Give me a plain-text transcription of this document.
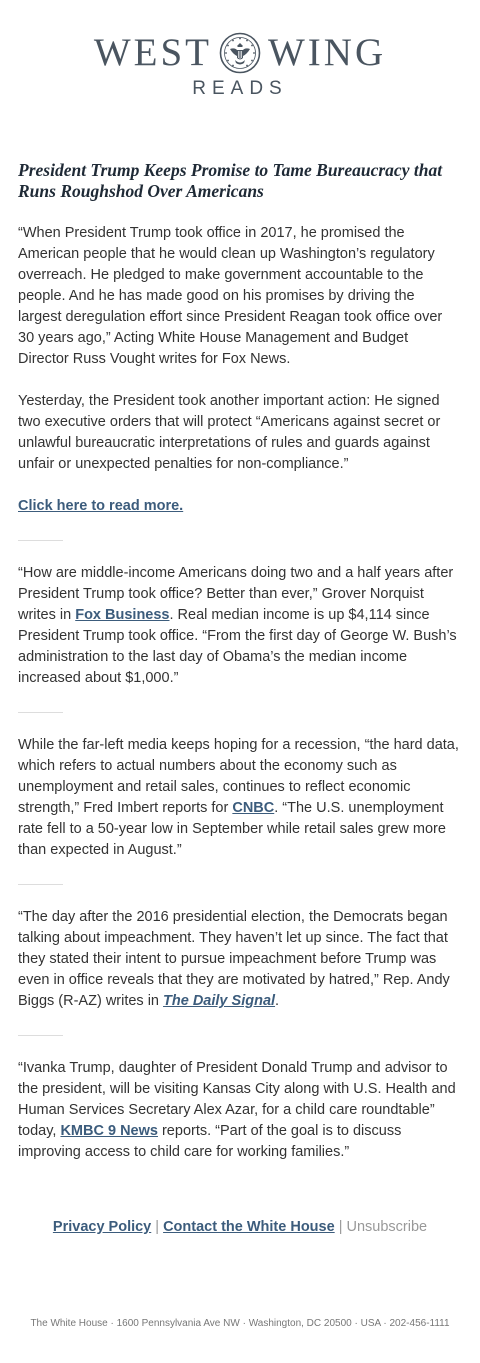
WEST WING
READS
President Trump Keeps Promise to Tame Bureaucracy that Runs Roughshod Over Americans

“When President Trump took office in 2017, he promised the American people that he would clean up Washington’s regulatory overreach. He pledged to make government accountable to the people. And he has made good on his promises by driving the largest deregulation effort since President Reagan took office over 30 years ago,” Acting White House Management and Budget Director Russ Vought writes for Fox News.

Yesterday, the President took another important action: He signed two executive orders that will protect “Americans against secret or unlawful bureaucratic interpretations of rules and guards against unfair or unexpected penalties for non-compliance.”

Click here to read more.

“How are middle-income Americans doing two and a half years after President Trump took office? Better than ever,” Grover Norquist writes in Fox Business. Real median income is up $4,114 since President Trump took office. “From the first day of George W. Bush’s administration to the last day of Obama’s the median income increased about $1,000.”

While the far-left media keeps hoping for a recession, “the hard data, which refers to actual numbers about the economy such as unemployment and retail sales, continues to reflect economic strength,” Fred Imbert reports for CNBC. “The U.S. unemployment rate fell to a 50-year low in September while retail sales grew more than expected in August.”

“The day after the 2016 presidential election, the Democrats began talking about impeachment. They haven’t let up since. The fact that they stated their intent to pursue impeachment before Trump was even in office reveals that they are motivated by hatred,” Rep. Andy Biggs (R-AZ) writes in The Daily Signal.

“Ivanka Trump, daughter of President Donald Trump and advisor to the president, will be visiting Kansas City along with U.S. Health and Human Services Secretary Alex Azar, for a child care roundtable” today, KMBC 9 News reports. “Part of the goal is to discuss improving access to child care for working families.”

Privacy Policy | Contact the White House | Unsubscribe
The White House · 1600 Pennsylvania Ave NW · Washington, DC 20500 · USA · 202-456-1111
